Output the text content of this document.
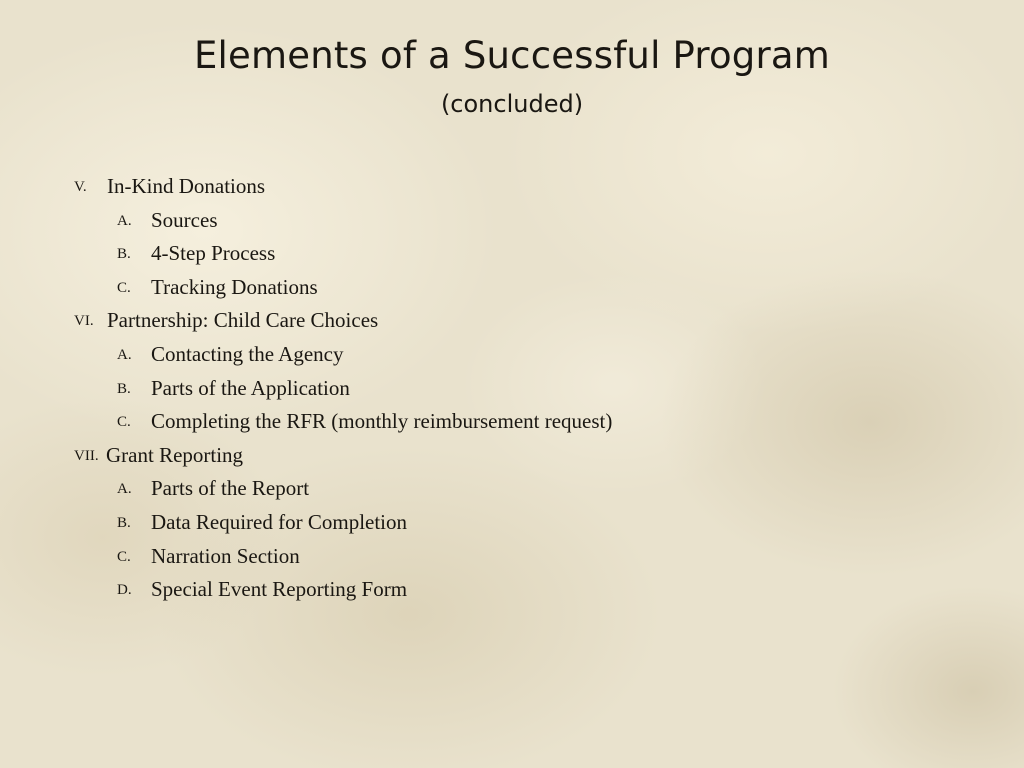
Elements of a Successful Program
(concluded)
V. In-Kind Donations
A. Sources
B. 4-Step Process
C. Tracking Donations
VI. Partnership: Child Care Choices
A. Contacting the Agency
B. Parts of the Application
C. Completing the RFR (monthly reimbursement request)
VII. Grant Reporting
A. Parts of the Report
B. Data Required for Completion
C. Narration Section
D. Special Event Reporting Form
